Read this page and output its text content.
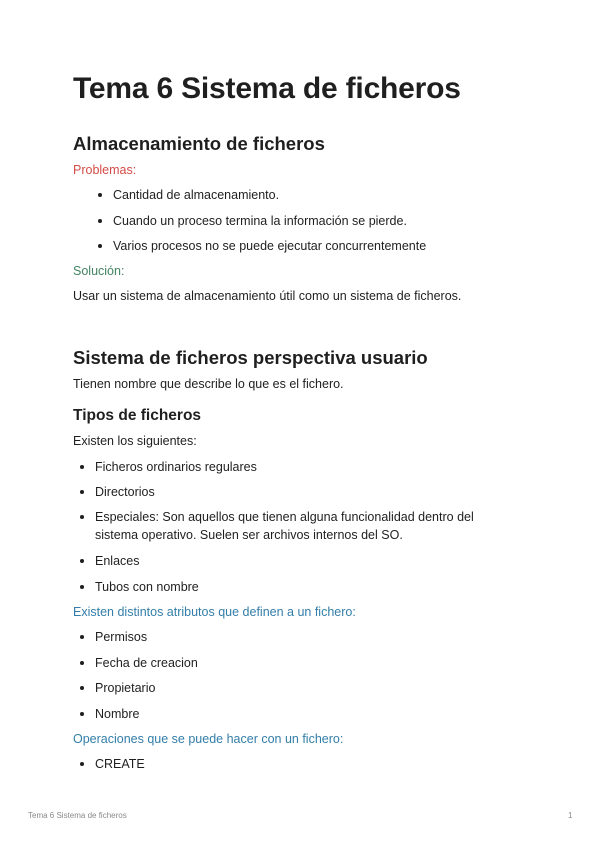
Tema 6 Sistema de ficheros
Almacenamiento de ficheros

Problemas:

Cantidad de almacenamiento.
Cuando un proceso termina la información se pierde.
Varios procesos no se puede ejecutar concurrentemente

Solución:

Usar un sistema de almacenamiento útil como un sistema de ficheros.

Sistema de ficheros perspectiva usuario

Tienen nombre que describe lo que es el fichero.

Tipos de ficheros

Existen los siguientes:

Ficheros ordinarios regulares
Directorios
Especiales: Son aquellos que tienen alguna funcionalidad dentro del sistema operativo. Suelen ser archivos internos del SO.
Enlaces
Tubos con nombre

Existen distintos atributos que definen a un fichero:

Permisos
Fecha de creacion
Propietario
Nombre

Operaciones que se puede hacer con un fichero:

CREATE
Tema 6 Sistema de ficheros	1
